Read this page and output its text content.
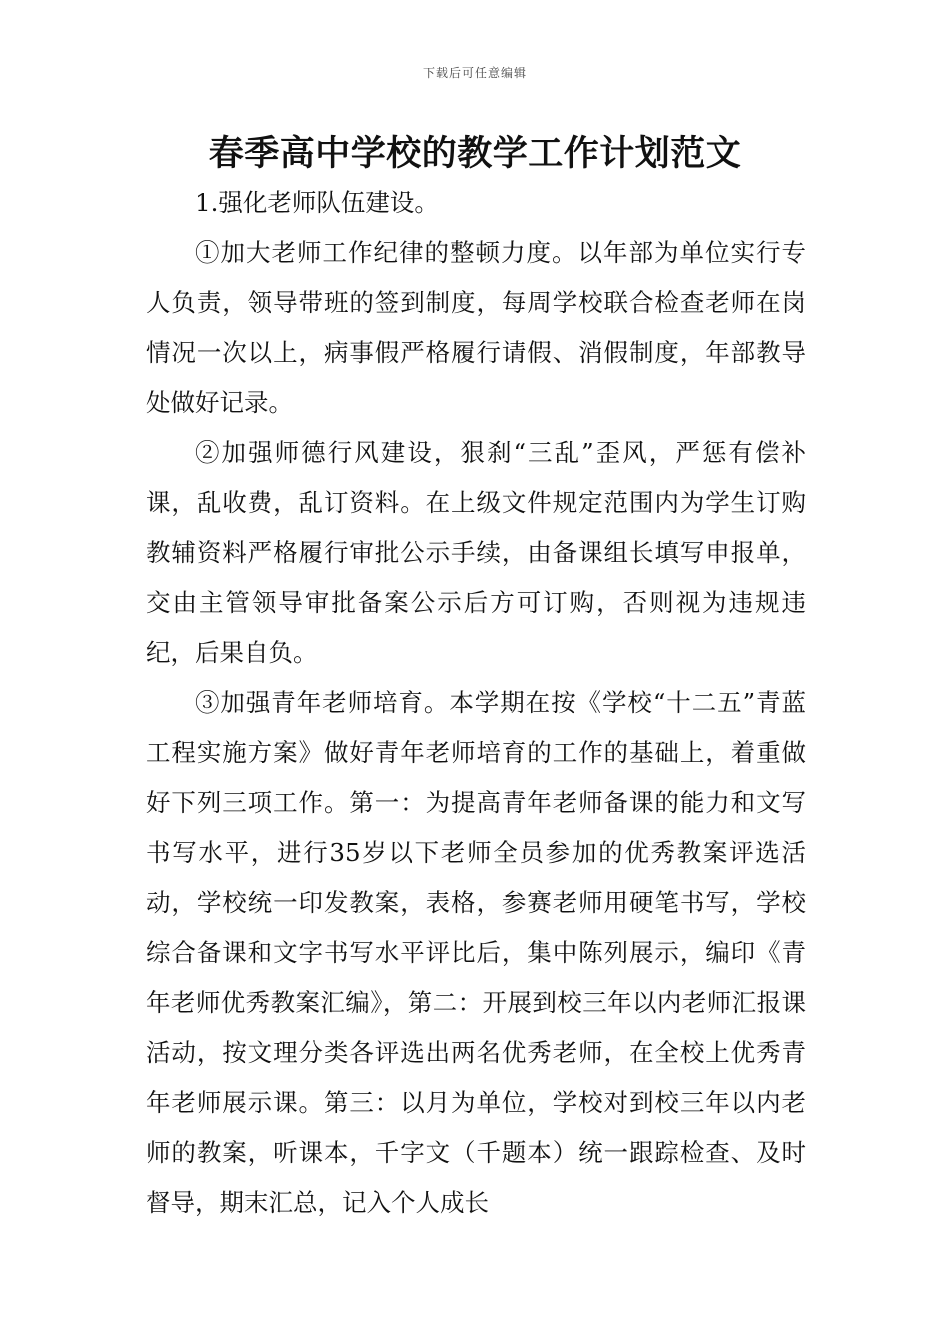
下载后可任意编辑
春季高中学校的教学工作计划范文

1.强化老师队伍建设。

①加大老师工作纪律的整顿力度。以年部为单位实行专人负责，领导带班的签到制度，每周学校联合检查老师在岗情况一次以上，病事假严格履行请假、消假制度，年部教导处做好记录。

②加强师德行风建设，狠刹“三乱”歪风，严惩有偿补课，乱收费，乱订资料。在上级文件规定范围内为学生订购教辅资料严格履行审批公示手续，由备课组长填写申报单，交由主管领导审批备案公示后方可订购，否则视为违规违纪，后果自负。

③加强青年老师培育。本学期在按《学校“十二五”青蓝工程实施方案》做好青年老师培育的工作的基础上，着重做好下列三项工作。第一：为提高青年老师备课的能力和文写书写水平，进行35岁以下老师全员参加的优秀教案评选活动，学校统一印发教案，表格，参赛老师用硬笔书写，学校综合备课和文字书写水平评比后，集中陈列展示，编印《青年老师优秀教案汇编》，第二：开展到校三年以内老师汇报课活动，按文理分类各评选出两名优秀老师，在全校上优秀青年老师展示课。第三：以月为单位，学校对到校三年以内老师的教案，听课本，千字文（千题本）统一跟踪检查、及时督导，期末汇总，记入个人成长
